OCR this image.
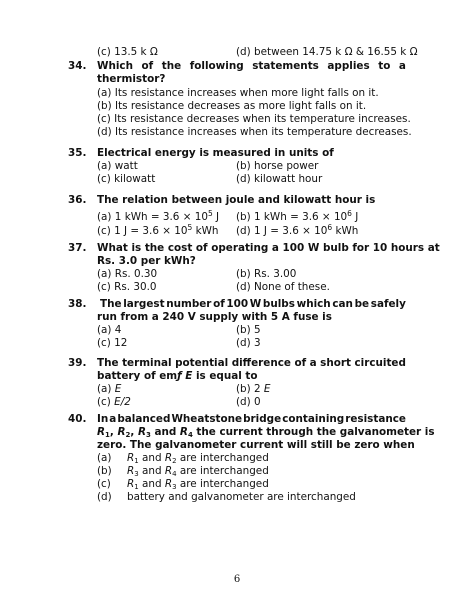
(c) 13.5 k Ω	(d) between 14.75 k Ω & 16.55 k Ω
34. Which of the following statements applies to a
thermistor?
(a) Its resistance increases when more light falls on it.
(b) Its resistance decreases as more light falls on it.
(c) Its resistance decreases when its temperature increases.
(d) Its resistance increases when its temperature decreases.
35. Electrical energy is measured in units of
(a) watt	(b) horse power
(c) kilowatt	(d) kilowatt hour
36. The relation between joule and kilowatt hour is
(a) 1 kWh = $3.6 \times 10^5$ J (b) 1 kWh = $3.6 \times 10^6$ J
(c) 1 $J = 3.6 \times 10^5$ kWh (d) 1 $J = 3.6 \times 10^6$ kWh
37. What is the cost of operating a 100 W bulb for 10 hours at
Rs. 3.0 per kWh?
(a) Rs. 0.30	(b) Rs. 3.00
(c) Rs. 30.0	(d) None of these.
38. The largest number of 100 W bulbs which can be safely
run from a 240 V supply with 5 A fuse is
(a) 4	(b) 5
(c) 12	(d) 3
39. The terminal potential difference of a short circuited
battery of emƒ E is equal to
(a) E	(b) 2 E
(c) E/2	(d) 0
40. In a balanced Wheatstone bridge containing resistance
$R_1$, $R_2$, $R_3$ and $R_4$ the current through the galvanometer is
zero. The galvanometer current will still be zero when
(a) $R_1$ and $R_2$ are interchanged
(b) $R_3$ and $R_4$ are interchanged
(c) $R_1$ and $R_3$ are interchanged
(d) battery and galvanometer are interchanged
6
